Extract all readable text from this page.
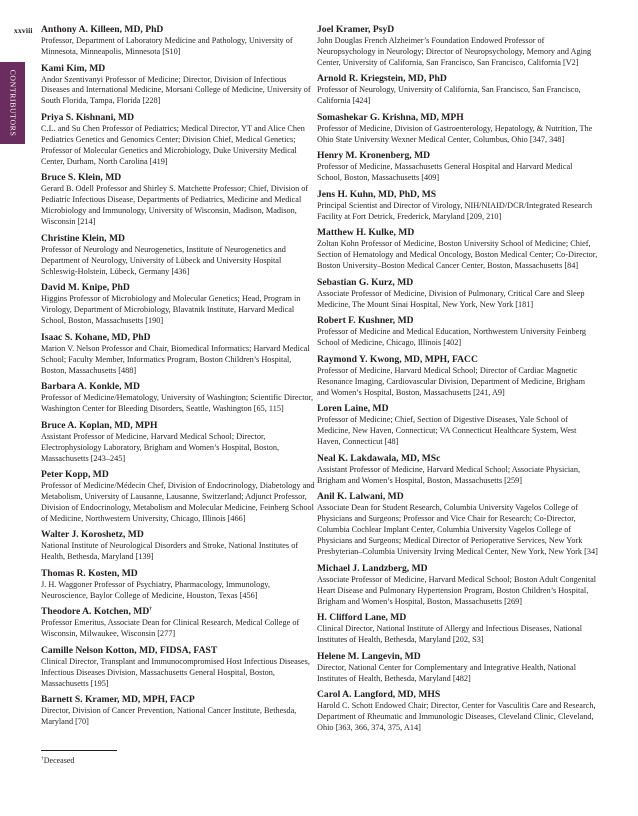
xxviii
CONTRIBUTORS
Anthony A. Killeen, MD, PhD
Professor, Department of Laboratory Medicine and Pathology, University of Minnesota, Minneapolis, Minnesota [S10]
Kami Kim, MD
Andor Szentivanyi Professor of Medicine; Director, Division of Infectious Diseases and International Medicine, Morsani College of Medicine, University of South Florida, Tampa, Florida [228]
Priya S. Kishnani, MD
C.L. and Su Chen Professor of Pediatrics; Medical Director, YT and Alice Chen Pediatrics Genetics and Genomics Center; Division Chief, Medical Genetics; Professor of Molecular Genetics and Microbiology, Duke University Medical Center, Durham, North Carolina [419]
Bruce S. Klein, MD
Gerard B. Odell Professor and Shirley S. Matchette Professor; Chief, Division of Pediatric Infectious Disease, Departments of Pediatrics, Medicine and Medical Microbiology and Immunology, University of Wisconsin, Madison, Madison, Wisconsin [214]
Christine Klein, MD
Professor of Neurology and Neurogenetics, Institute of Neurogenetics and Department of Neurology, University of Lübeck and University Hospital Schleswig-Holstein, Lübeck, Germany [436]
David M. Knipe, PhD
Higgins Professor of Microbiology and Molecular Genetics; Head, Program in Virology, Department of Microbiology, Blavatnik Institute, Harvard Medical School, Boston, Massachusetts [190]
Isaac S. Kohane, MD, PhD
Marion V. Nelson Professor and Chair, Biomedical Informatics; Harvard Medical School; Faculty Member, Informatics Program, Boston Children’s Hospital, Boston, Massachusetts [488]
Barbara A. Konkle, MD
Professor of Medicine/Hematology, University of Washington; Scientific Director, Washington Center for Bleeding Disorders, Seattle, Washington [65, 115]
Bruce A. Koplan, MD, MPH
Assistant Professor of Medicine, Harvard Medical School; Director, Electrophysiology Laboratory, Brigham and Women’s Hospital, Boston, Massachusetts [243–245]
Peter Kopp, MD
Professor of Medicine/Médecin Chef, Division of Endocrinology, Diabetology and Metabolism, University of Lausanne, Lausanne, Switzerland; Adjunct Professor, Division of Endocrinology, Metabolism and Molecular Medicine, Feinberg School of Medicine, Northwestern University, Chicago, Illinois [466]
Walter J. Koroshetz, MD
National Institute of Neurological Disorders and Stroke, National Institutes of Health, Bethesda, Maryland [139]
Thomas R. Kosten, MD
J. H. Waggoner Professor of Psychiatry, Pharmacology, Immunology, Neuroscience, Baylor College of Medicine, Houston, Texas [456]
Theodore A. Kotchen, MD†
Professor Emeritus, Associate Dean for Clinical Research, Medical College of Wisconsin, Milwaukee, Wisconsin [277]
Camille Nelson Kotton, MD, FIDSA, FAST
Clinical Director, Transplant and Immunocompromised Host Infectious Diseases, Infectious Diseases Division, Massachusetts General Hospital, Boston, Massachusetts [195]
Barnett S. Kramer, MD, MPH, FACP
Director, Division of Cancer Prevention, National Cancer Institute, Bethesda, Maryland [70]
Joel Kramer, PsyD
John Douglas French Alzheimer’s Foundation Endowed Professor of Neuropsychology in Neurology; Director of Neuropsychology, Memory and Aging Center, University of California, San Francisco, San Francisco, California [V2]
Arnold R. Kriegstein, MD, PhD
Professor of Neurology, University of California, San Francisco, San Francisco, California [424]
Somashekar G. Krishna, MD, MPH
Professor of Medicine, Division of Gastroenterology, Hepatology, & Nutrition, The Ohio State University Wexner Medical Center, Columbus, Ohio [347, 348]
Henry M. Kronenberg, MD
Professor of Medicine, Massachusetts General Hospital and Harvard Medical School, Boston, Massachusetts [409]
Jens H. Kuhn, MD, PhD, MS
Principal Scientist and Director of Virology, NIH/NIAID/DCR/Integrated Research Facility at Fort Detrick, Frederick, Maryland [209, 210]
Matthew H. Kulke, MD
Zoltan Kohn Professor of Medicine, Boston University School of Medicine; Chief, Section of Hematology and Medical Oncology, Boston Medical Center; Co-Director, Boston University–Boston Medical Cancer Center, Boston, Massachusetts [84]
Sebastian G. Kurz, MD
Associate Professor of Medicine, Division of Pulmonary, Critical Care and Sleep Medicine, The Mount Sinai Hospital, New York, New York [181]
Robert F. Kushner, MD
Professor of Medicine and Medical Education, Northwestern University Feinberg School of Medicine, Chicago, Illinois [402]
Raymond Y. Kwong, MD, MPH, FACC
Professor of Medicine, Harvard Medical School; Director of Cardiac Magnetic Resonance Imaging, Cardiovascular Division, Department of Medicine, Brigham and Women’s Hospital, Boston, Massachusetts [241, A9]
Loren Laine, MD
Professor of Medicine; Chief, Section of Digestive Diseases, Yale School of Medicine, New Haven, Connecticut; VA Connecticut Healthcare System, West Haven, Connecticut [48]
Neal K. Lakdawala, MD, MSc
Assistant Professor of Medicine, Harvard Medical School; Associate Physician, Brigham and Women’s Hospital, Boston, Massachusetts [259]
Anil K. Lalwani, MD
Associate Dean for Student Research, Columbia University Vagelos College of Physicians and Surgeons; Professor and Vice Chair for Research; Co-Director, Columbia Cochlear Implant Center, Columbia University Vagelos College of Physicians and Surgeons; Medical Director of Perioperative Services, New York Presbyterian–Columbia University Irving Medical Center, New York, New York [34]
Michael J. Landzberg, MD
Associate Professor of Medicine, Harvard Medical School; Boston Adult Congenital Heart Disease and Pulmonary Hypertension Program, Boston Children’s Hospital, Brigham and Women’s Hospital, Boston, Massachusetts [269]
H. Clifford Lane, MD
Clinical Director, National Institute of Allergy and Infectious Diseases, National Institutes of Health, Bethesda, Maryland [202, S3]
Helene M. Langevin, MD
Director, National Center for Complementary and Integrative Health, National Institutes of Health, Bethesda, Maryland [482]
Carol A. Langford, MD, MHS
Harold C. Schott Endowed Chair; Director, Center for Vasculitis Care and Research, Department of Rheumatic and Immunologic Diseases, Cleveland Clinic, Cleveland, Ohio [363, 366, 374, 375, A14]
†Deceased
